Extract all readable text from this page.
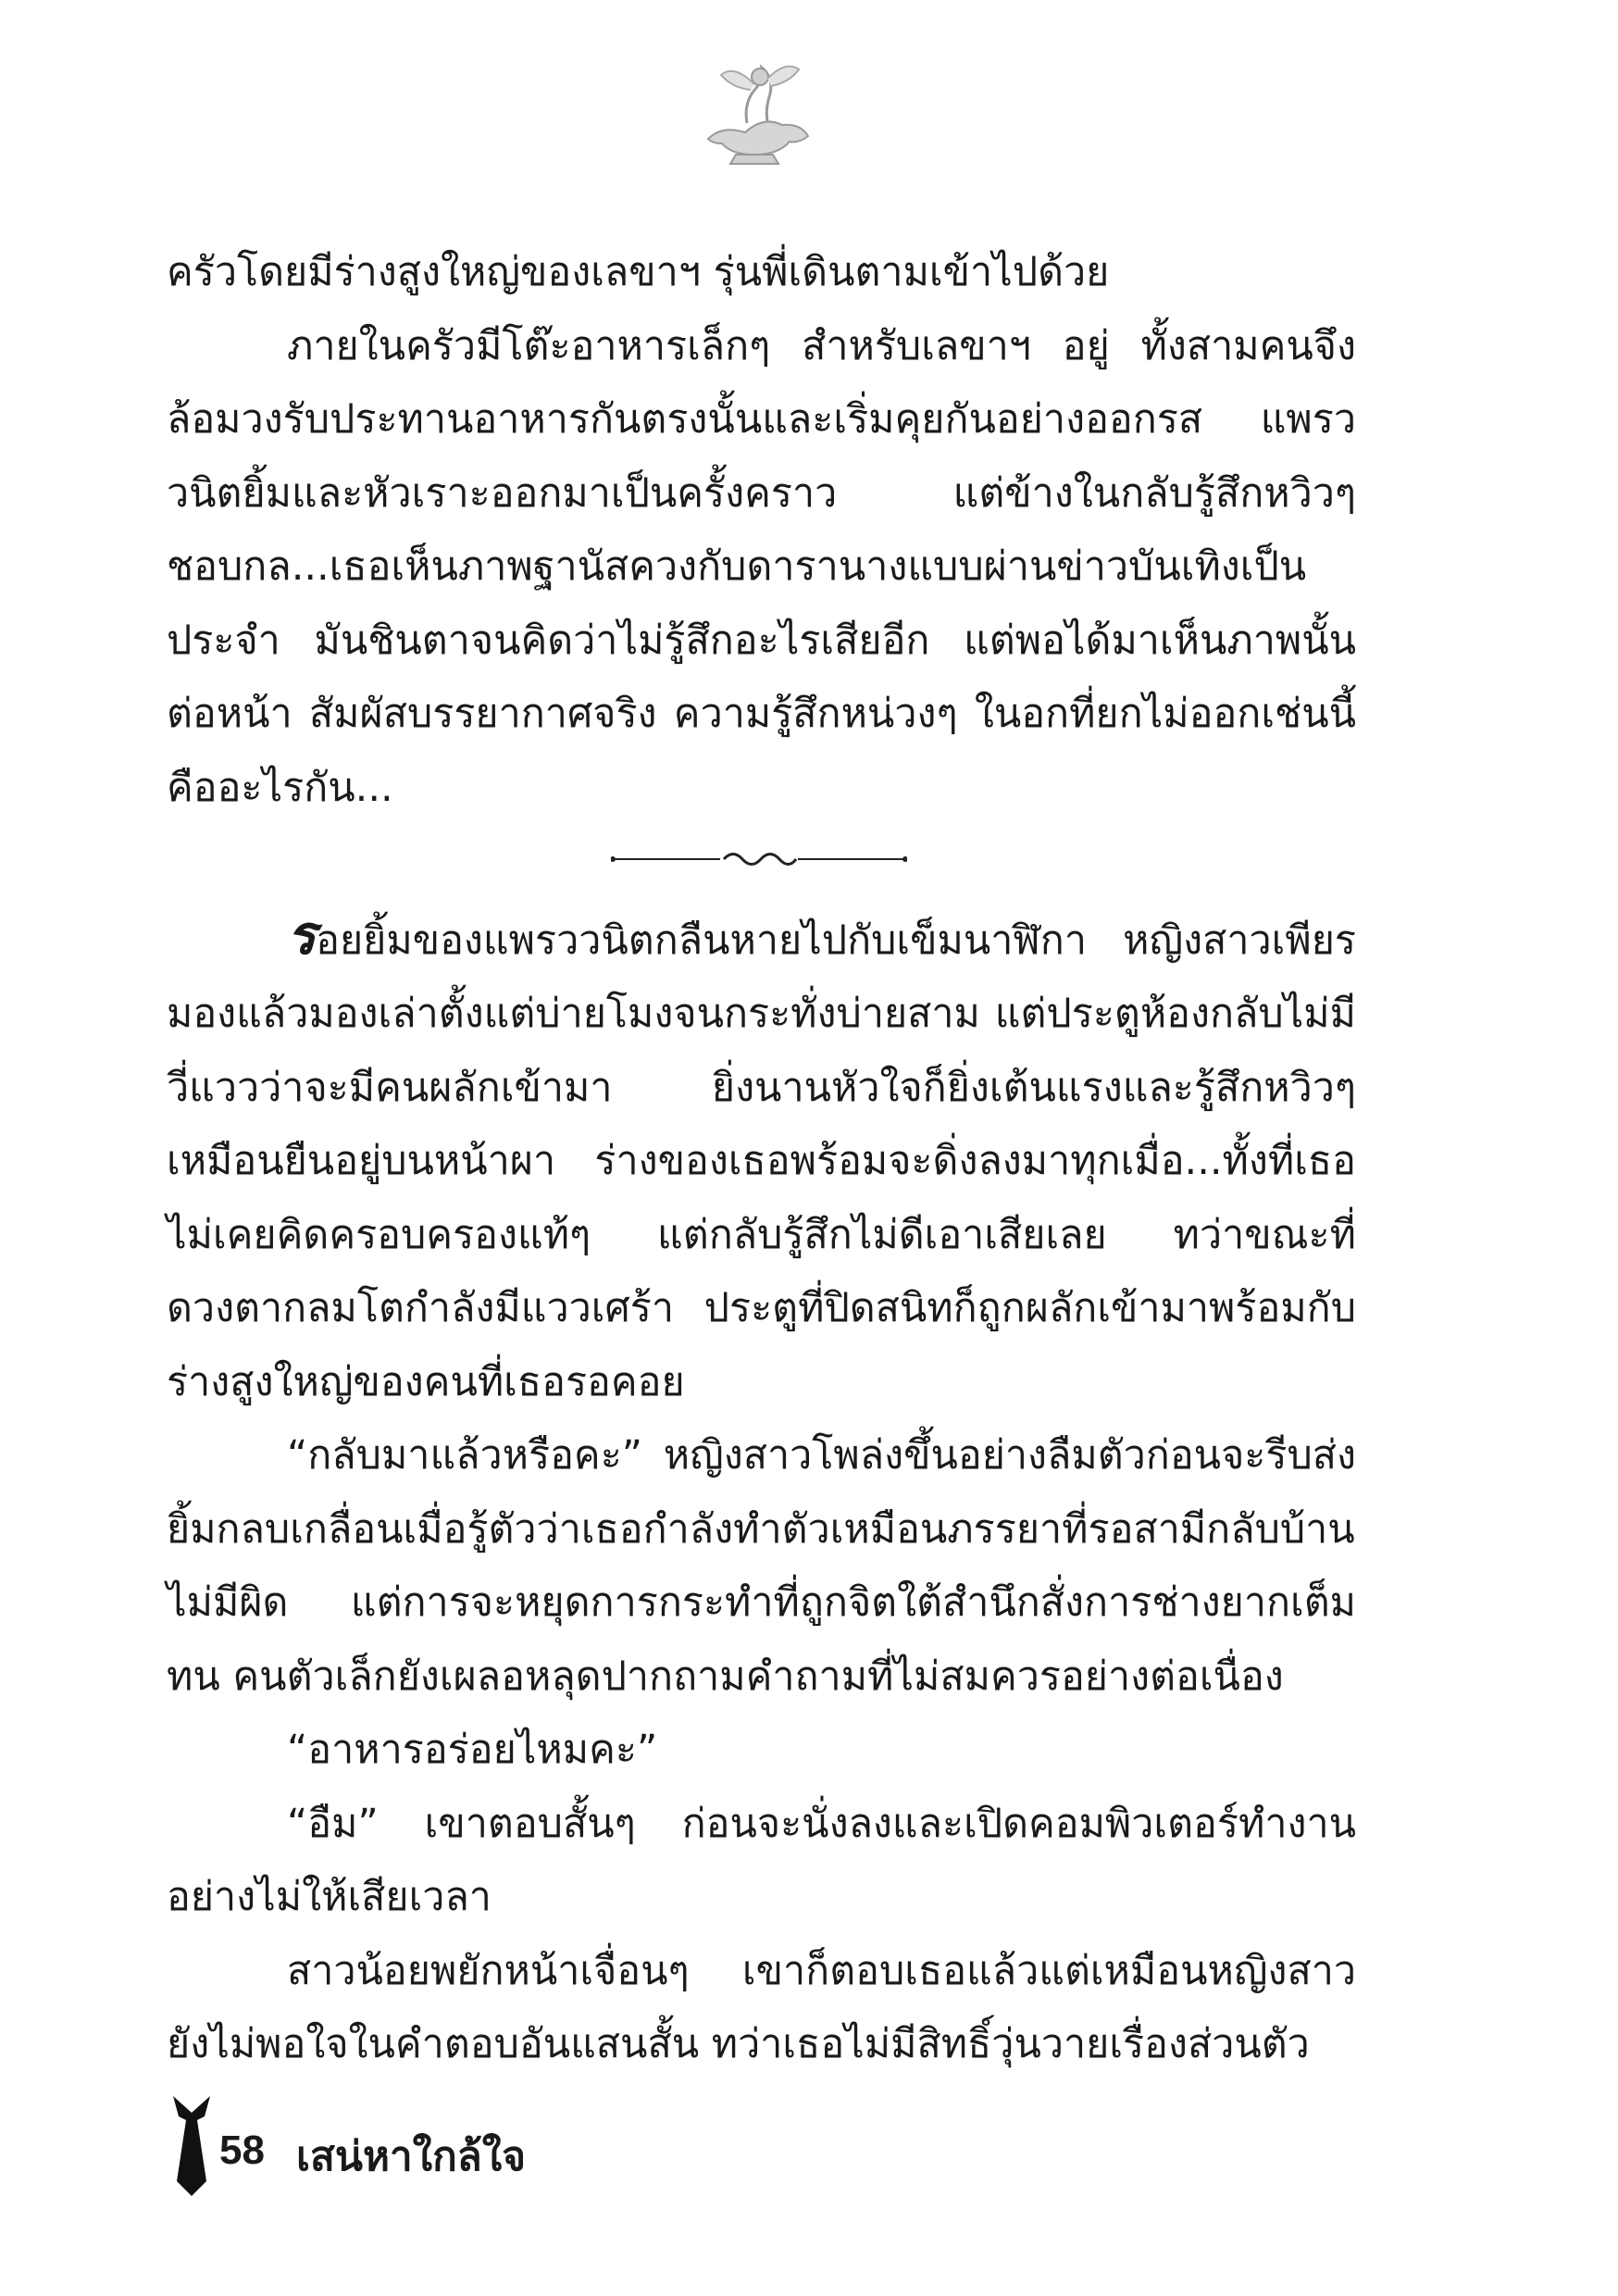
ครัวโดยมีร่างสูงใหญ่ของเลขาฯ รุ่นพี่เดินตามเข้าไปด้วย

ภายในครัวมีโต๊ะอาหารเล็กๆ สำหรับเลขาฯ อยู่ ทั้งสามคนจึงล้อมวงรับประทานอาหารกันตรงนั้นและเริ่มคุยกันอย่างออกรส แพรววนิตยิ้มและหัวเราะออกมาเป็นครั้งคราว แต่ข้างในกลับรู้สึกหวิวๆ ชอบกล...เธอเห็นภาพฐานัสควงกับดารานางแบบผ่านข่าวบันเทิงเป็นประจำ มันชินตาจนคิดว่าไม่รู้สึกอะไรเสียอีก แต่พอได้มาเห็นภาพนั้นต่อหน้า สัมผัสบรรยากาศจริง ความรู้สึกหน่วงๆ ในอกที่ยกไม่ออกเช่นนี้คืออะไรกัน...

รอยยิ้มของแพรววนิตกลืนหายไปกับเข็มนาฬิกา หญิงสาวเพียรมองแล้วมองเล่าตั้งแต่บ่ายโมงจนกระทั่งบ่ายสาม แต่ประตูห้องกลับไม่มีวี่แววว่าจะมีคนผลักเข้ามา ยิ่งนานหัวใจก็ยิ่งเต้นแรงและรู้สึกหวิวๆ เหมือนยืนอยู่บนหน้าผา ร่างของเธอพร้อมจะดิ่งลงมาทุกเมื่อ...ทั้งที่เธอไม่เคยคิดครอบครองแท้ๆ แต่กลับรู้สึกไม่ดีเอาเสียเลย ทว่าขณะที่ดวงตากลมโตกำลังมีแววเศร้า ประตูที่ปิดสนิทก็ถูกผลักเข้ามาพร้อมกับร่างสูงใหญ่ของคนที่เธอรอคอย

“กลับมาแล้วหรือคะ” หญิงสาวโพล่งขึ้นอย่างลืมตัวก่อนจะรีบส่งยิ้มกลบเกลื่อนเมื่อรู้ตัวว่าเธอกำลังทำตัวเหมือนภรรยาที่รอสามีกลับบ้านไม่มีผิด แต่การจะหยุดการกระทำที่ถูกจิตใต้สำนึกสั่งการช่างยากเต็มทน คนตัวเล็กยังเผลอหลุดปากถามคำถามที่ไม่สมควรอย่างต่อเนื่อง

“อาหารอร่อยไหมคะ”

“อืม” เขาตอบสั้นๆ ก่อนจะนั่งลงและเปิดคอมพิวเตอร์ทำงานอย่างไม่ให้เสียเวลา

สาวน้อยพยักหน้าเจื่อนๆ เขาก็ตอบเธอแล้วแต่เหมือนหญิงสาวยังไม่พอใจในคำตอบอันแสนสั้น ทว่าเธอไม่มีสิทธิ์วุ่นวายเรื่องส่วนตัว

58 เสน่หาใกล้ใจ
